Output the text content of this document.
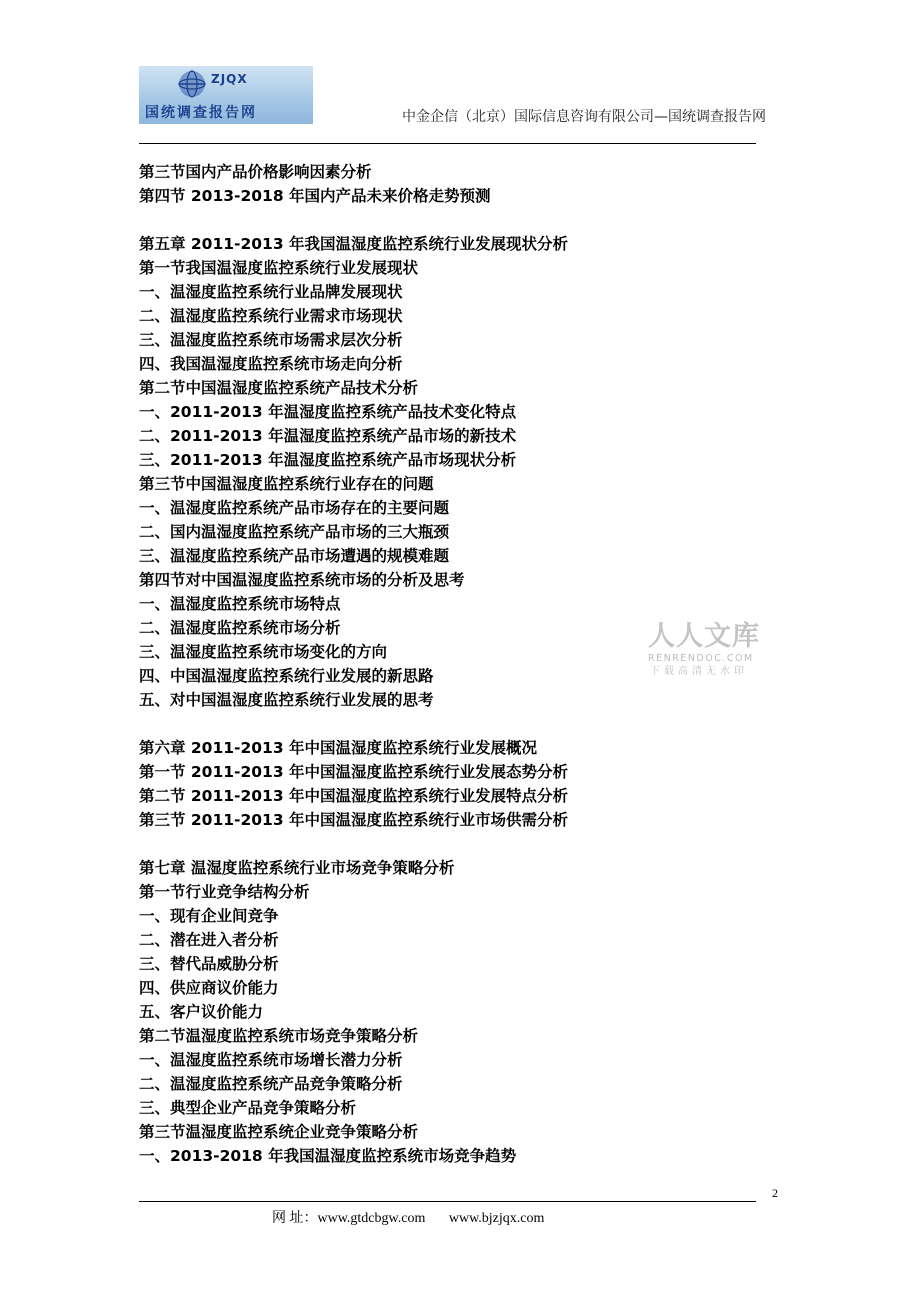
ZJQX
国统调查报告网	中金企信（北京）国际信息咨询有限公司—国统调查报告网
第三节国内产品价格影响因素分析
第四节 2013-2018 年国内产品未来价格走势预测
第五章 2011-2013 年我国温湿度监控系统行业发展现状分析
第一节我国温湿度监控系统行业发展现状
一、温湿度监控系统行业品牌发展现状
二、温湿度监控系统行业需求市场现状
三、温湿度监控系统市场需求层次分析
四、我国温湿度监控系统市场走向分析
第二节中国温湿度监控系统产品技术分析
一、2011-2013 年温湿度监控系统产品技术变化特点
二、2011-2013 年温湿度监控系统产品市场的新技术
三、2011-2013 年温湿度监控系统产品市场现状分析
第三节中国温湿度监控系统行业存在的问题
一、温湿度监控系统产品市场存在的主要问题
二、国内温湿度监控系统产品市场的三大瓶颈
三、温湿度监控系统产品市场遭遇的规模难题
第四节对中国温湿度监控系统市场的分析及思考
一、温湿度监控系统市场特点
二、温湿度监控系统市场分析
三、温湿度监控系统市场变化的方向
四、中国温湿度监控系统行业发展的新思路
五、对中国温湿度监控系统行业发展的思考
第六章 2011-2013 年中国温湿度监控系统行业发展概况
第一节 2011-2013 年中国温湿度监控系统行业发展态势分析
第二节 2011-2013 年中国温湿度监控系统行业发展特点分析
第三节 2011-2013 年中国温湿度监控系统行业市场供需分析
第七章 温湿度监控系统行业市场竞争策略分析
第一节行业竞争结构分析
一、现有企业间竞争
二、潜在进入者分析
三、替代品威胁分析
四、供应商议价能力
五、客户议价能力
第二节温湿度监控系统市场竞争策略分析
一、温湿度监控系统市场增长潜力分析
二、温湿度监控系统产品竞争策略分析
三、典型企业产品竞争策略分析
第三节温湿度监控系统企业竞争策略分析
一、2013-2018 年我国温湿度监控系统市场竞争趋势
人人文库
RENRENDOC.COM
下载高清无水印
2
网 址：www.gtdcbgw.com www.bjzjqx.com
